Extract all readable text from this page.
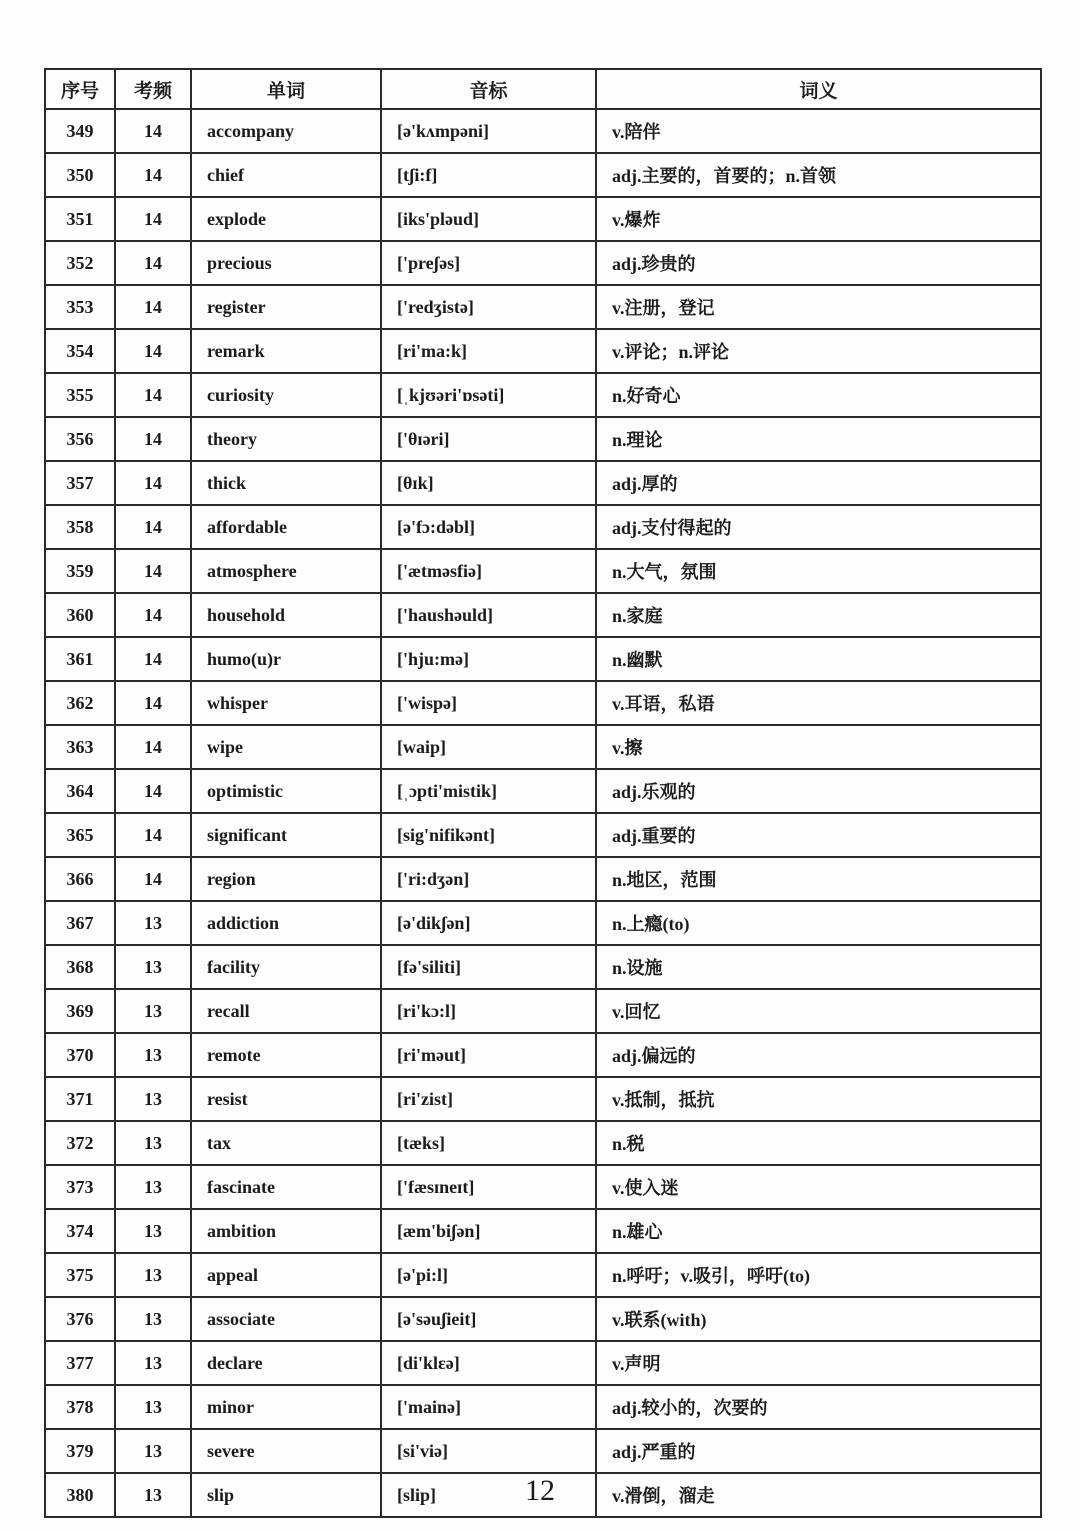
序号	考频	单词	音标	词义
349	14	accompany	[ə'kʌmpəni]	v.陪伴
350	14	chief	[tʃi:f]	adj.主要的，首要的；n.首领
351	14	explode	[iks'pləud]	v.爆炸
352	14	precious	['preʃəs]	adj.珍贵的
353	14	register	['redʒistə]	v.注册，登记
354	14	remark	[ri'ma:k]	v.评论；n.评论
355	14	curiosity	[ˌkjʊəri'ɒsəti]	n.好奇心
356	14	theory	['θɪəri]	n.理论
357	14	thick	[θɪk]	adj.厚的
358	14	affordable	[ə'fɔ:dəbl]	adj.支付得起的
359	14	atmosphere	['ætməsfiə]	n.大气，氛围
360	14	household	['haushəuld]	n.家庭
361	14	humo(u)r	['hju:mə]	n.幽默
362	14	whisper	['wispə]	v.耳语，私语
363	14	wipe	[waip]	v.擦
364	14	optimistic	[ˌɔpti'mistik]	adj.乐观的
365	14	significant	[sig'nifikənt]	adj.重要的
366	14	region	['ri:dʒən]	n.地区，范围
367	13	addiction	[ə'dikʃən]	n.上瘾(to)
368	13	facility	[fə'siliti]	n.设施
369	13	recall	[ri'kɔ:l]	v.回忆
370	13	remote	[ri'məut]	adj.偏远的
371	13	resist	[ri'zist]	v.抵制，抵抗
372	13	tax	[tæks]	n.税
373	13	fascinate	['fæsɪneɪt]	v.使入迷
374	13	ambition	[æm'biʃən]	n.雄心
375	13	appeal	[ə'pi:l]	n.呼吁；v.吸引，呼吁(to)
376	13	associate	[ə'səuʃieit]	v.联系(with)
377	13	declare	[di'klɛə]	v.声明
378	13	minor	['mainə]	adj.较小的，次要的
379	13	severe	[si'viə]	adj.严重的
380	13	slip	[slip]	v.滑倒，溜走
12
